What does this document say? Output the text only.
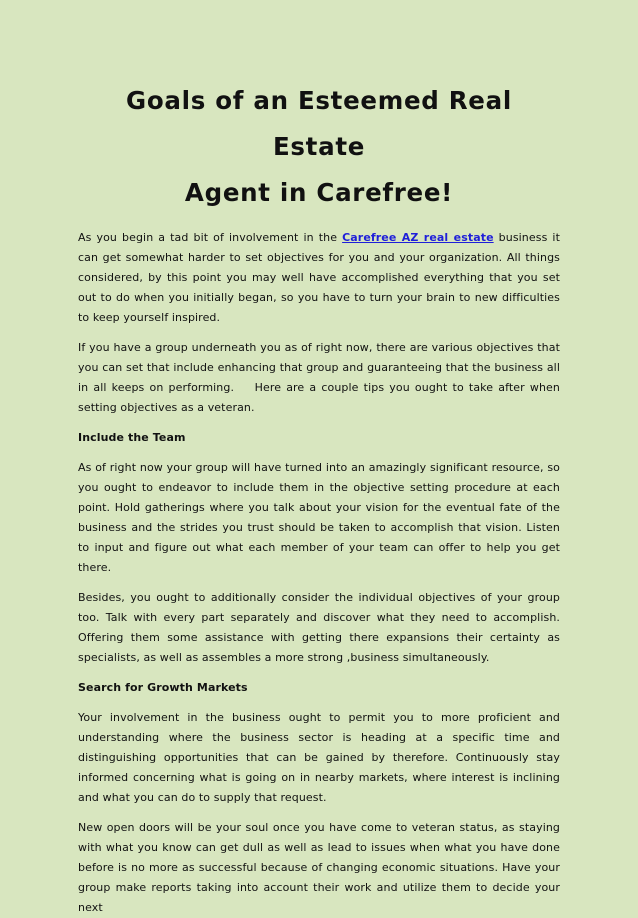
Goals of an Esteemed Real Estate
Agent in Carefree!

As you begin a tad bit of involvement in the Carefree AZ real estate business it can get somewhat harder to set objectives for you and your organization. All things considered, by this point you may well have accomplished everything that you set out to do when you initially began, so you have to turn your brain to new difficulties to keep yourself inspired.

If you have a group underneath you as of right now, there are various objectives that you can set that include enhancing that group and guaranteeing that the business all in all keeps on performing.    Here are a couple tips you ought to take after when setting objectives as a veteran.

Include the Team

As of right now your group will have turned into an amazingly significant resource, so you ought to endeavor to include them in the objective setting procedure at each point. Hold gatherings where you talk about your vision for the eventual fate of the business and the strides you trust should be taken to accomplish that vision. Listen to input and figure out what each member of your team can offer to help you get there.

Besides, you ought to additionally consider the individual objectives of your group too. Talk with every part separately and discover what they need to accomplish. Offering them some assistance with getting there expansions their certainty as specialists, as well as assembles a more strong ,business simultaneously.

Search for Growth Markets

Your involvement in the business ought to permit you to more proficient and understanding where the business sector is heading at a specific time and distinguishing opportunities that can be gained by therefore. Continuously stay informed concerning what is going on in nearby markets, where interest is inclining and what you can do to supply that request.

New open doors will be your soul once you have come to veteran status, as staying with what you know can get dull as well as lead to issues when what you have done before is no more as successful because of changing economic situations. Have your group make reports taking into account their work and utilize them to decide your next
